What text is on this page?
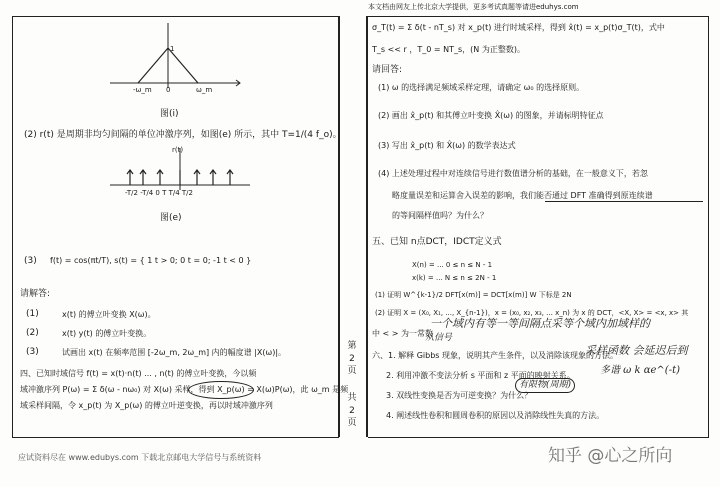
本文档由网友上传北京大学提供，更多考试真题等请进eduhys.com
-ω_m 0	ω_m
1
图(i)
(2) r(t) 是周期非均匀间隔的单位冲激序列，如图(e) 所示，其中 T=1/(4 f_o)。
r(t)
-T/2 -T/4 0 T T/4 T/2
图(e)
(3) f(t) = cos(πt/T), s(t) = { 1 t > 0; 0 t = 0; -1 t < 0 }
请解答:
(1)	x(t) 的傅立叶变换 X(ω)。
(2)	x(t) y(t) 的傅立叶变换。
(3)	试画出 x(t) 在频率范围 [-2ω_m, 2ω_m] 内的幅度谱 |X(ω)|。
四、已知时域信号 f(t) = x(t)·n(t) ... , n(t) 的傅立叶变换，今以频
域冲激序列 P(ω) = Σ δ(ω - nω₀) 对 X(ω) 采样，得到 X_p(ω) = X(ω)P(ω)，此 ω_m 是频
域采样间隔，令 x_p(t) 为 X_p(ω) 的傅立叶逆变换，再以时域冲激序列
第
2
页
共
2
页
σ_T(t) = Σ δ(t - nT_s) 对 x_p(t) 进行时域采样，得到 x̂(t) = x_p(t)σ_T(t)，式中
T_s << r ，T_0 = NT_s，(N 为正整数)。
请回答:
(1) ω 的选择满足频域采样定理，请确定 ω₀ 的选择原则。
(2) 画出 x̂_p(t) 和其傅立叶变换 X̂(ω) 的图象，并请标明特征点
(3) 写出 x̂_p(t) 和 X̂(ω) 的数学表达式
(4) 上述处理过程中对连续信号进行数值谱分析的基础，在一般意义下，若忽
略度量误差和运算舍入误差的影响，我们能否通过 DFT 准确得到原连续谱
的等间隔样值吗？为什么？
五、已知 n点DCT，IDCT定义式
X(n) = ... 0 ≤ n ≤ N - 1
x(k) = ... N ≤ n ≤ 2N - 1
(1) 证明 W^{k-1}/2 DFT[x(m)] = DCT[x(m)] W 下标是 2N
(2) 证明 X = (X₀, X₁, ..., X_{n-1})，x = (x₀, x₂, x₃, ... x_n) 为 x 的 DCT，<X, X> = <x, x> 其
中 < > 为一常数
一个域内有等一等间隔点采等个域内加域样的
从信号
六、1. 解释 Gibbs 现象，说明其产生条件，以及消除该现象的方法。
2. 利用冲激不变法分析 s 平面和 z 平面的映射关系。
3. 双线性变换是否为可逆变换？为什么？
4. 阐述线性卷积和圆周卷积的原因以及消除线性失真的方法。
采样函数 会延迟后到
多谐 ω k αe^(-t)
有限物(周期)
应试资料尽在 www.edubys.com 下载北京邮电大学信号与系统资料	知乎 @心之所向
